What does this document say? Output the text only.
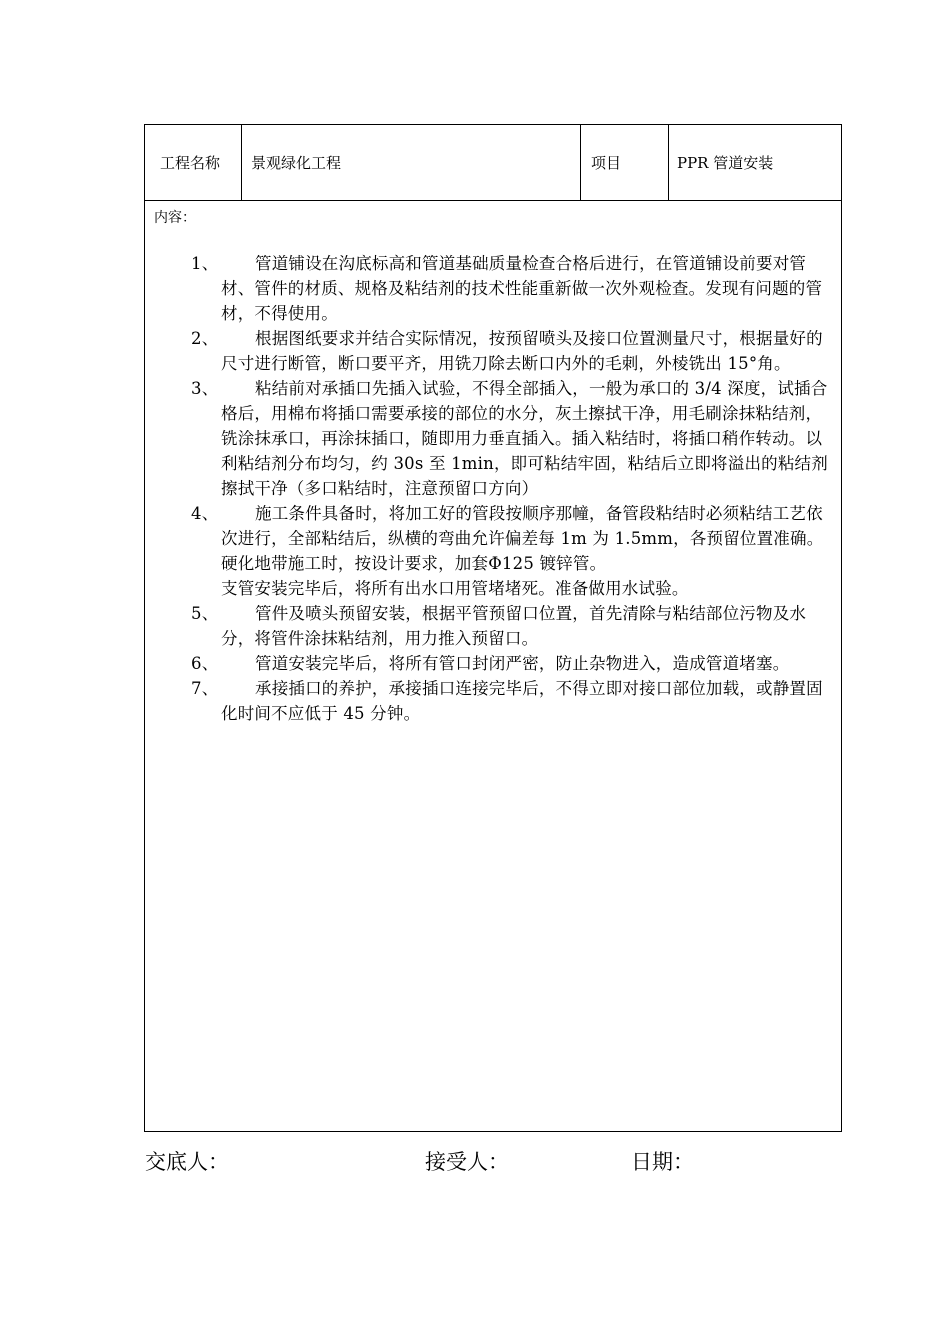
工程名称	景观绿化工程	项目	PPR 管道安装
内容：
1、	管道铺设在沟底标高和管道基础质量检查合格后进行，在管道铺设前要对管材、管件的材质、规格及粘结剂的技术性能重新做一次外观检查。发现有问题的管材，不得使用。
2、	根据图纸要求并结合实际情况，按预留喷头及接口位置测量尺寸，根据量好的尺寸进行断管，断口要平齐，用铣刀除去断口内外的毛刺，外棱铣出 15°角。
3、	粘结前对承插口先插入试验，不得全部插入，一般为承口的 3/4 深度，试插合格后，用棉布将插口需要承接的部位的水分，灰土擦拭干净，用毛刷涂抹粘结剂，铣涂抹承口，再涂抹插口，随即用力垂直插入。插入粘结时，将插口稍作转动。以利粘结剂分布均匀，约 30s 至 1min，即可粘结牢固，粘结后立即将溢出的粘结剂擦拭干净（多口粘结时，注意预留口方向）
4、	施工条件具备时，将加工好的管段按顺序那幢，备管段粘结时必须粘结工艺依次进行，全部粘结后，纵横的弯曲允许偏差每 1m 为 1.5mm，各预留位置准确。硬化地带施工时，按设计要求，加套Φ125 镀锌管。
支管安装完毕后，将所有出水口用管堵堵死。准备做用水试验。
5、	管件及喷头预留安装，根据平管预留口位置，首先清除与粘结部位污物及水分，将管件涂抹粘结剂，用力推入预留口。
6、	管道安装完毕后，将所有管口封闭严密，防止杂物进入，造成管道堵塞。
7、	承接插口的养护，承接插口连接完毕后，不得立即对接口部位加载，或静置固化时间不应低于 45 分钟。
交底人：	接受人：	日期：
